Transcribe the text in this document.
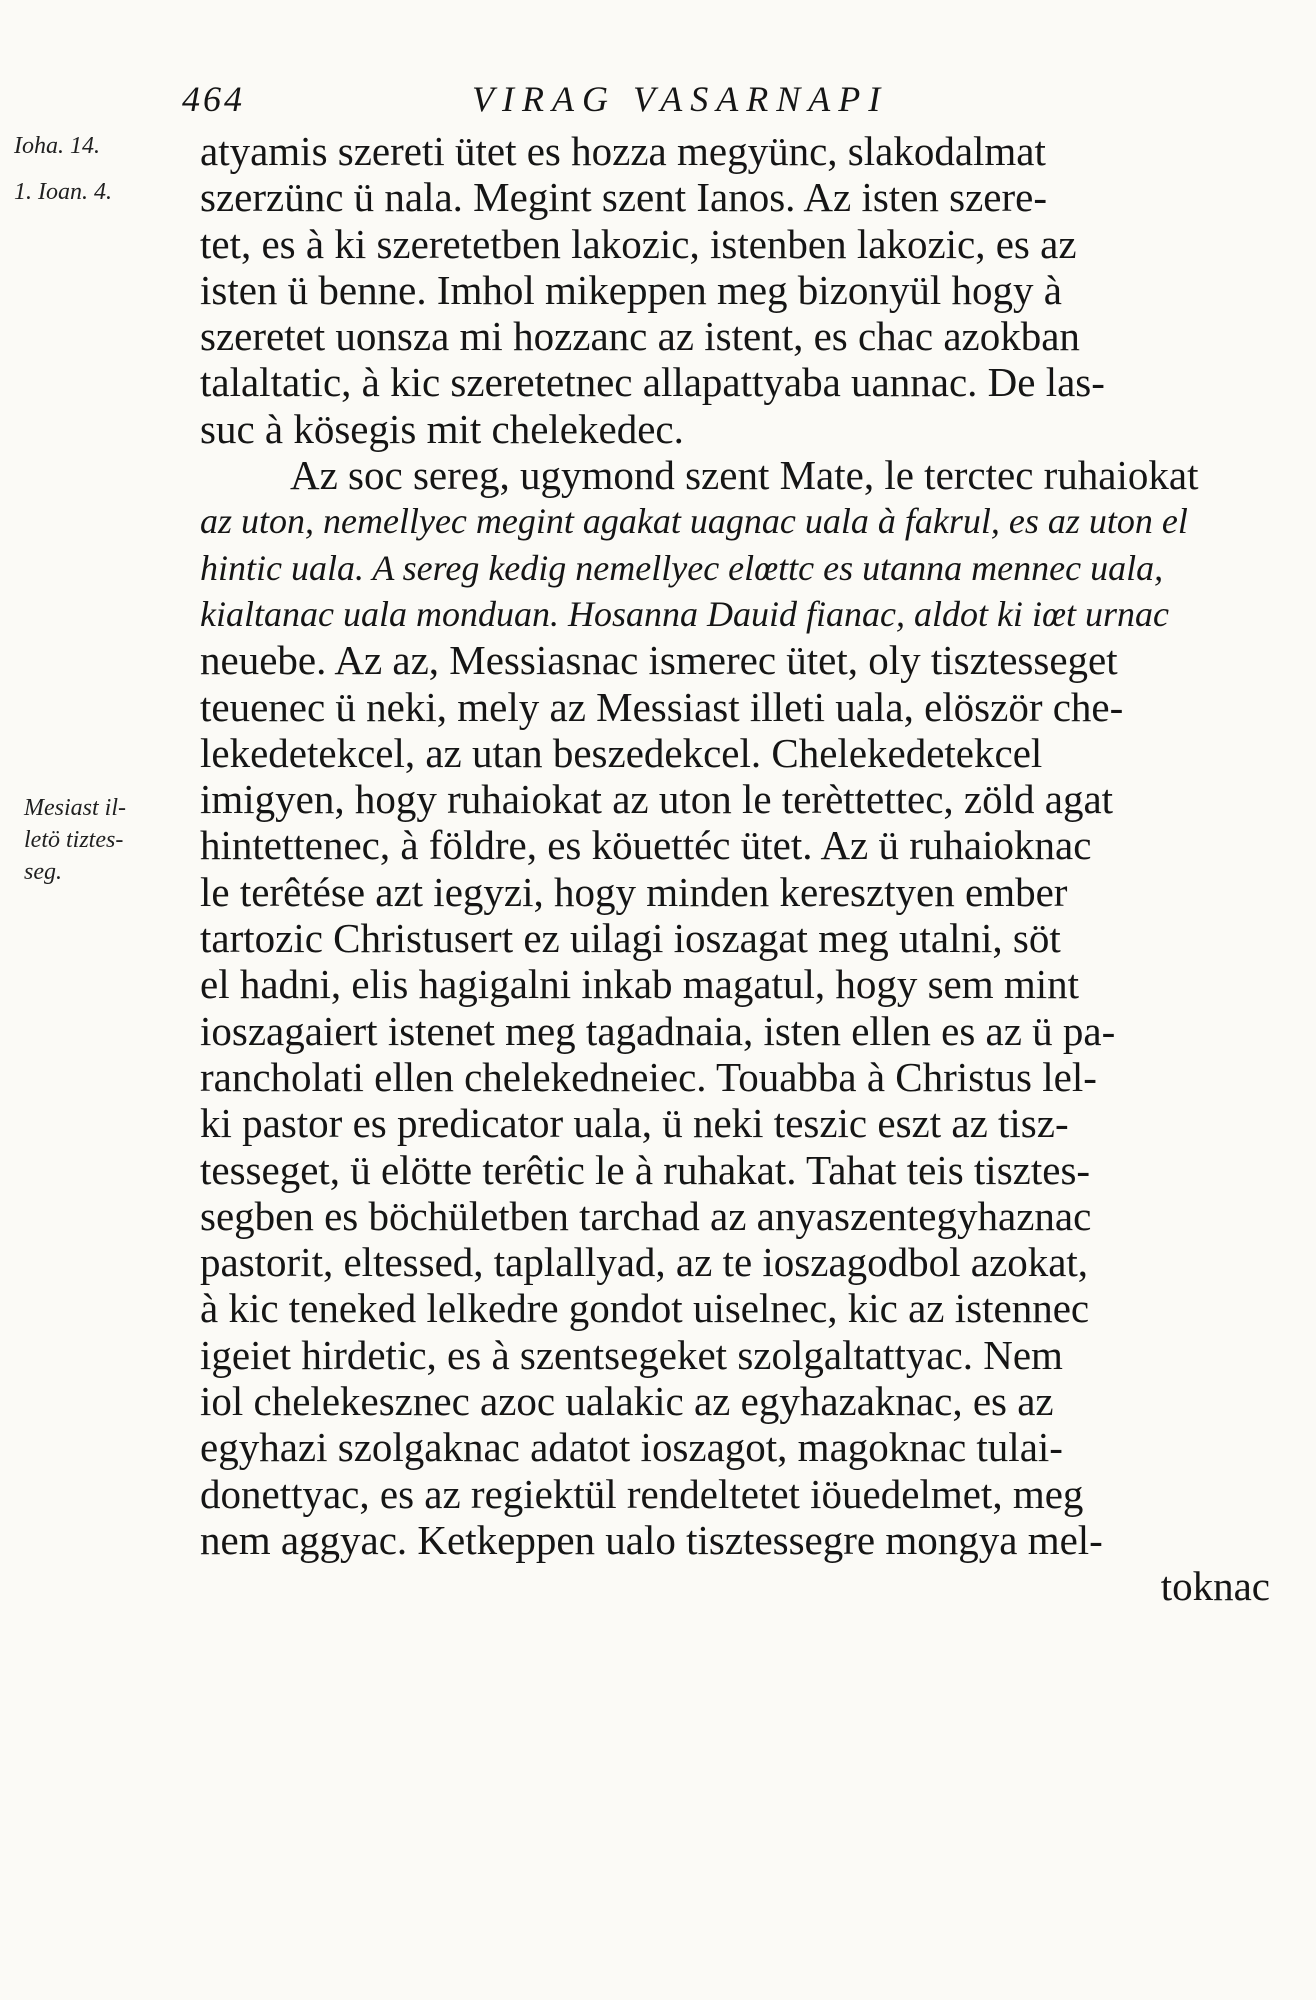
464	VIRAG VASARNAPI
Ioha. 14.
1. Ioan. 4.
Mesiast il-
letö tiztes-
seg.
atyamis szereti ütet es hozza megyünc, slakodalmat
szerzünc ü nala. Megint szent Ianos. Az isten szere-
tet, es à ki szeretetben lakozic, istenben lakozic, es az
isten ü benne. Imhol mikeppen meg bizonyül hogy à
szeretet uonsza mi hozzanc az istent, es chac azokban
talaltatic, à kic szeretetnec allapattyaba uannac. De las-
suc à kösegis mit chelekedec.
Az soc sereg, ugymond szent Mate, le terctec ruhaiokat
az uton, nemellyec megint agakat uagnac uala à fakrul, es az uton el
hintic uala. A sereg kedig nemellyec elœttc es utanna mennec uala,
kialtanac uala monduan. Hosanna Dauid fianac, aldot ki iœt urnac
neuebe. Az az, Messiasnac ismerec ütet, oly tisztesseget
teuenec ü neki, mely az Messiast illeti uala, elöször che-
lekedetekcel, az utan beszedekcel. Chelekedetekcel
imigyen, hogy ruhaiokat az uton le terèttettec, zöld agat
hintettenec, à földre, es köuettéc ütet. Az ü ruhaioknac
le terêtése azt iegyzi, hogy minden keresztyen ember
tartozic Christusert ez uilagi ioszagat meg utalni, söt
el hadni, elis hagigalni inkab magatul, hogy sem mint
ioszagaiert istenet meg tagadnaia, isten ellen es az ü pa-
rancholati ellen chelekedneiec. Touabba à Christus lel-
ki pastor es predicator uala, ü neki teszic eszt az tisz-
tesseget, ü elötte terêtic le à ruhakat. Tahat teis tisztes-
segben es böchületben tarchad az anyaszentegyhaznac
pastorit, eltessed, taplallyad, az te ioszagodbol azokat,
à kic teneked lelkedre gondot uiselnec, kic az istennec
igeiet hirdetic, es à szentsegeket szolgaltattyac. Nem
iol chelekesznec azoc ualakic az egyhazaknac, es az
egyhazi szolgaknac adatot ioszagot, magoknac tulai-
donettyac, es az regiektül rendeltetet iöuedelmet, meg
nem aggyac. Ketkeppen ualo tisztessegre mongya mel-
toknac
